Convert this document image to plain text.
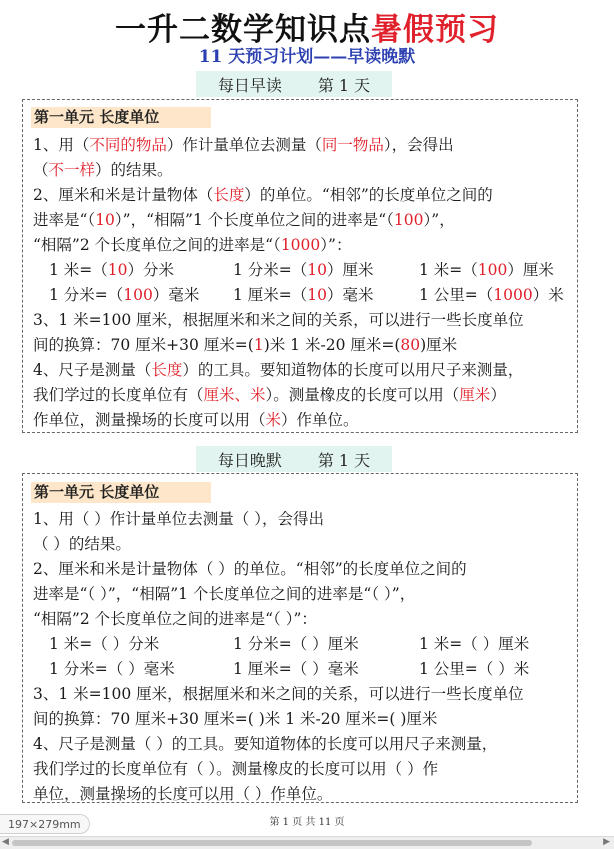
一升二数学知识点暑假预习
11 天预习计划——早读晚默
每日早读 第 1 天
第一单元 长度单位
1、用（不同的物品）作计量单位去测量（同一物品），会得出
（不一样）的结果。
2、厘米和米是计量物体（长度）的单位。“相邻”的长度单位之间的
进率是“（10）”，“相隔”1 个长度单位之间的进率是“（100）”，
“相隔”2 个长度单位之间的进率是“（1000）”：
1 米=（10）分米	1 分米=（10）厘米	1 米=（100）厘米
1 分米=（100）毫米 1 厘米=（10）毫米	1 公里=（1000）米
3、1 米=100 厘米，根据厘米和米之间的关系，可以进行一些长度单位
间的换算：70 厘米+30 厘米=(1)米 1 米-20 厘米=(80)厘米
4、尺子是测量（长度）的工具。要知道物体的长度可以用尺子来测量，
我们学过的长度单位有（厘米、米）。测量橡皮的长度可以用（厘米）
作单位，测量操场的长度可以用（米）作单位。
每日晚默 第 1 天
第一单元 长度单位
1、用（ ）作计量单位去测量（ ），会得出
（ ）的结果。
2、厘米和米是计量物体（ ）的单位。“相邻”的长度单位之间的
进率是“（ ）”，“相隔”1 个长度单位之间的进率是“（ ）”，
“相隔”2 个长度单位之间的进率是“（ ）”：
1 米=（ ）分米	1 分米=（ ）厘米	1 米=（ ）厘米
1 分米=（ ）毫米	1 厘米=（ ）毫米	1 公里=（ ）米
3、1 米=100 厘米，根据厘米和米之间的关系，可以进行一些长度单位
间的换算：70 厘米+30 厘米=( )米 1 米-20 厘米=( )厘米
4、尺子是测量（ ）的工具。要知道物体的长度可以用尺子来测量，
我们学过的长度单位有（ ）。测量橡皮的长度可以用（ ）作
单位，测量操场的长度可以用（ ）作单位。
第 1 页 共 11 页
197×279mm
◀	▶
